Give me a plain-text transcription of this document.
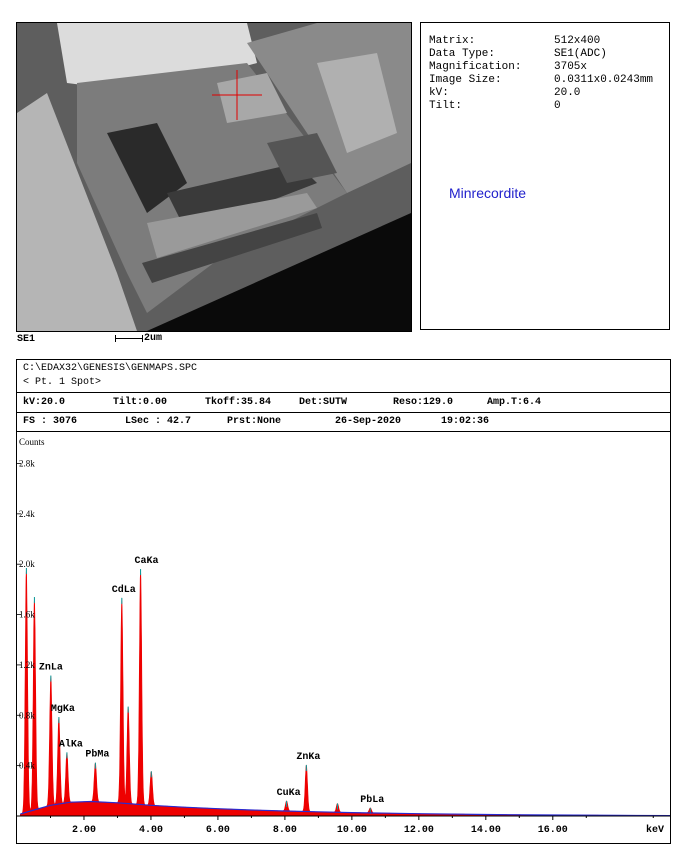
Matrix:	512x400
Data Type:	SE1(ADC)
Magnification:	3705x
Image Size:	0.0311x0.0243mm
kV:	20.0
Tilt:	0
Minrecordite
SE1	2um
C:\EDAX32\GENESIS\GENMAPS.SPC
< Pt. 1 Spot>
kV:20.0	Tilt:0.00	Tkoff:35.84	Det:SUTW	Reso:129.0	Amp.T:6.4
FS : 3076	LSec : 42.7	Prst:None	26-Sep-2020	19:02:36
2.00	4.00	6.00	8.00	10.00	12.00	14.00	16.00	keV
Counts
0.4k
0.8k
1.2k
1.6k
2.0k
2.4k
2.8k
ZnLa
MgKa
AlKa
PbMa
CdLa
CaKa
CuKa
ZnKa
PbLa
